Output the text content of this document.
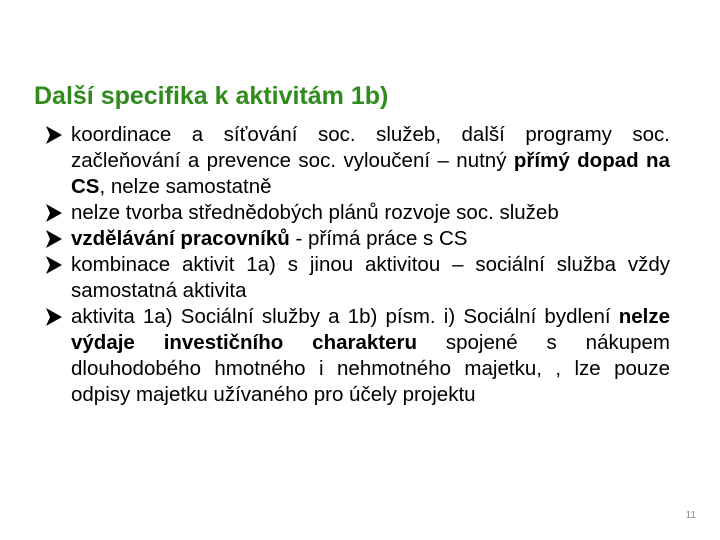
Další specifika k aktivitám 1b)
koordinace a síťování soc. služeb, další programy soc. začleňování a prevence soc. vyloučení – nutný přímý dopad na CS, nelze samostatně
nelze tvorba střednědobých plánů rozvoje soc. služeb
vzdělávání pracovníků - přímá práce s CS
kombinace aktivit 1a) s jinou aktivitou – sociální služba vždy samostatná aktivita
aktivita 1a) Sociální služby a 1b) písm. i) Sociální bydlení nelze výdaje investičního charakteru spojené s nákupem dlouhodobého hmotného i nehmotného majetku, , lze pouze odpisy majetku užívaného pro účely projektu
11
